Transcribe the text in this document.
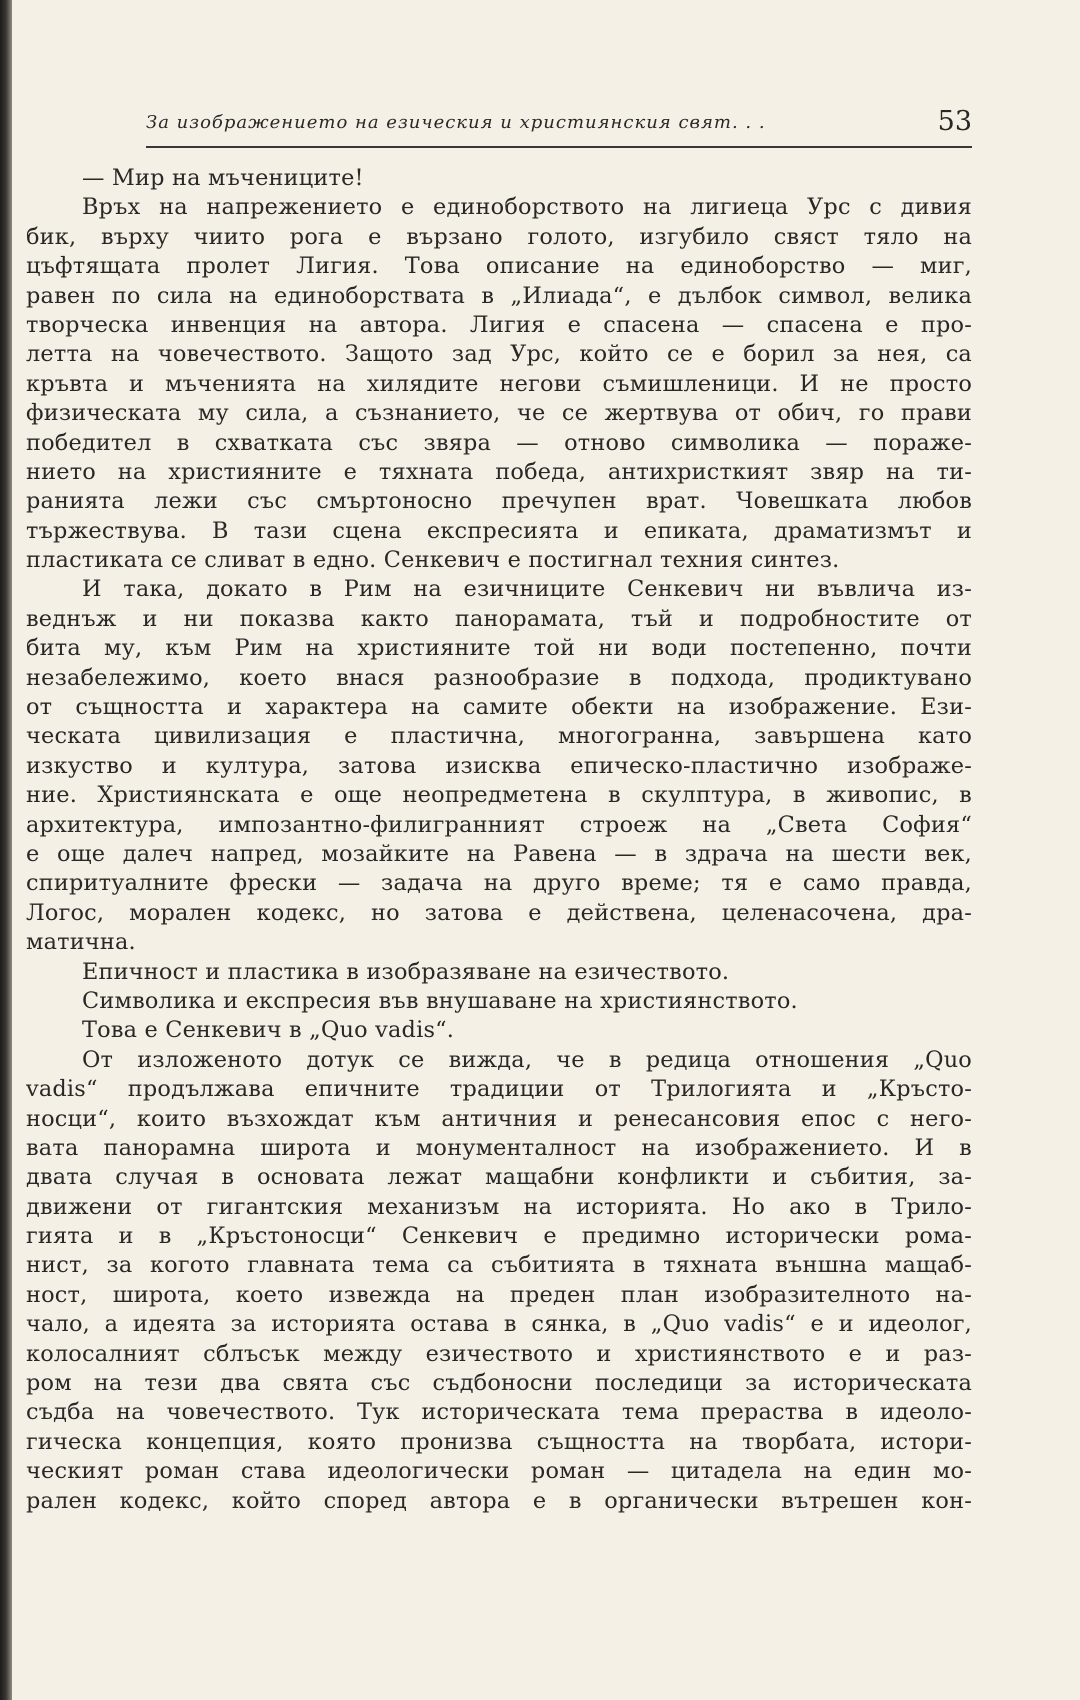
За изображението на езическия и християнския свят. . .	53
— Мир на мъчениците!
Връх на напрежението е единоборството на лигиеца Урс с дивия
бик, върху чиито рога е вързано голото, изгубило свяст тяло на
цъфтящата пролет Лигия. Това описание на единоборство — миг,
равен по сила на единоборствата в „Илиада“, е дълбок символ, велика
творческа инвенция на автора. Лигия е спасена — спасена е про-
летта на човечеството. Защото зад Урс, който се е борил за нея, са
кръвта и мъченията на хилядите негови съмишленици. И не просто
физическата му сила, а съзнанието, че се жертвува от обич, го прави
победител в схватката със звяра — отново символика — поражe-
нието на християните е тяхната победа, антихристкият звяр на ти-
ранията лежи със смъртоносно пречупен врат. Човешката любов
тържествува. В тази сцена експресията и епиката, драматизмът и
пластиката се сливат в едно. Сенкевич е постигнал техния синтез.
И така, докато в Рим на езичниците Сенкевич ни въвлича из-
веднъж и ни показва както панорамата, тъй и подробностите от
бита му, към Рим на християните той ни води постепенно, почти
незабележимо, което внася разнообразие в подхода, продиктувано
от същността и характера на самите обекти на изображение. Ези-
ческата цивилизация е пластична, многогранна, завършена като
изкуство и култура, затова изисква епическо-пластично изображе-
ние. Християнската е още неопредметена в скулптура, в живопис, в
архитектура, импозантно-филигранният строеж на „Света София“
е още далеч напред, мозайките на Равена — в здрача на шести век,
спиритуалните фрески — задача на друго време; тя е само правда,
Логос, морален кодекс, но затова е действена, целенасочена, дра-
матична.
Епичност и пластика в изобразяване на езичеството.
Символика и експресия във внушаване на християнството.
Това е Сенкевич в „Quo vadis“.
От изложеното дотук се вижда, че в редица отношения „Quo
vadis“ продължава епичните традиции от Трилогията и „Кръсто-
носци“, които възхождат към античния и ренесансовия епос с него-
вата панорамна широта и монументалност на изображението. И в
двата случая в основата лежат мащабни конфликти и събития, за-
движени от гигантския механизъм на историята. Но ако в Трило-
гията и в „Кръстоносци“ Сенкевич е предимно исторически рома-
нист, за когото главната тема са събитията в тяхната външна мащаб-
ност, широта, което извежда на преден план изобразителното на-
чало, а идеята за историята остава в сянка, в „Quo vadis“ е и идеолог,
колосалният сблъсък между езичеството и християнството е и раз-
ром на тези два свята със съдбоносни последици за историческата
съдба на човечеството. Тук историческата тема прераства в идеоло-
гическа концепция, която пронизва същността на творбата, истори-
ческият роман става идеологически роман — цитадела на един мо-
рален кодекс, който според автора е в органически вътрешен кон-
